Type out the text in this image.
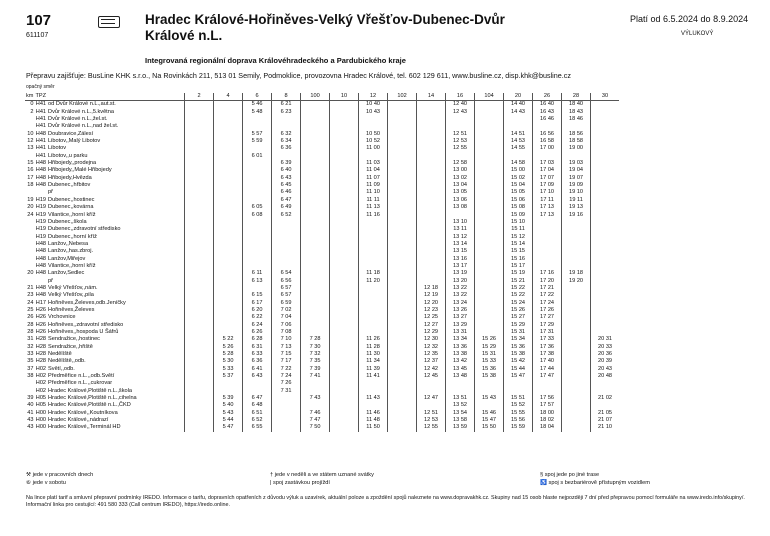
107
611107
Hradec Králové-Hořiněves-Velký Vřešťov-Dubenec-Dvůr Králové n.L.
Platí od 6.5.2024 do 8.9.2024
VÝLUKOVÝ
Integrovaná regionální doprava Královéhradeckého a Pardubického kraje
Přepravu zajišťuje: BusLine KHK s.r.o., Na Rovinkách 211, 513 01 Semily, Podmoklice, provozovna Hradec Králové, tel. 602 129 611, www.busline.cz, disp.khk@busline.cz
opačný směr
km	TPZ		2	4	6	8	100	10	12	102	14	16	104	20	26	28	30
0	H41	od Dvůr Králové n.L.,aut.st.			5 46	6 21			10 40			12 40		14 40	16 40	18 40	
2	H41	Dvůr Králové n.L.,5.května			5 48	6 23			10 43			12 43		14 43	16 43	18 43	
	H41	Dvůr Králové n.L.,žel.st.													16 46	18 46	
	H41	Dvůr Králové n.L.,nad žel.st.															
10	H48	Doubravice,Zálesí			5 57	6 32			10 50			12 51		14 51	16 56	18 56	
12	H41	Libotov,,Malý Libotov			5 59	6 34			10 52			12 53		14 53	16 58	18 58	
13	H41	Libotov				6 36			11 00			12 55		14 55	17 00	19 00	
	H41	Libotov,,u parku			6 01												
15	H48	Hřibojedy,,prodejna				6 39			11 03			12 58		14 58	17 03	19 03	
16	H48	Hřibojedy,,Malé Hřibojedy				6 40			11 04			13 00		15 00	17 04	19 04	
17	H48	Hřibojedy,Hvězda				6 43			11 07			13 02		15 02	17 07	19 07	
18	H48	Dubenec,,hřbitov				6 45			11 09			13 04		15 04	17 09	19 09	
		př				6 46			11 10			13 05		15 05	17 10	19 10	
19	H19	Dubenec,,hostinec				6 47			11 11			13 06		15 06	17 11	19 11	
20	H19	Dubenec,,kovárna			6 05	6 49			11 13			13 08		15 08	17 13	19 13	
24	H19	Vilantice,,horní kříž			6 08	6 52			11 16					15 09	17 13	19 16	
	H19	Dubenec,,škola										13 10		15 10			
	H19	Dubenec,,zdravotní středisko										13 11		15 11			
	H19	Dubenec,,horní kříž										13 12		15 12			
	H48	Lanžov,,Nebesa										13 14		15 14			
	H48	Lanžov,,has.zbroj.										13 15		15 15			
	H48	Lanžov,Miřejov										13 16		15 16			
	H48	Vilantice,,horní kříž										13 17		15 17			
20	H48	Lanžov,Sedlec			6 11	6 54			11 18			13 19		15 19	17 16	19 18	
		př			6 13	6 56			11 20			13 20		15 21	17 20	19 20	
21	H48	Velký Vřešťov,,nám.				6 57					12 18	13 22		15 22	17 21		
23	H48	Velký Vřešťov,,pila			6 15	6 57					12 19	13 22		15 22	17 22		
24	H17	Hořiněves,Želeves,odb.Jeníčky			6 17	6 59					12 20	13 24		15 24	17 24		
25	H26	Hořiněves,Želeves			6 20	7 02					12 23	13 26		15 26	17 26		
26	H26	Vrchovnice			6 22	7 04					12 25	13 27		15 27	17 27		
28	H26	Hořiněves,,zdravotní středisko			6 24	7 06					12 27	13 29		15 29	17 29		
28	H26	Hořiněves,,hospoda U Šáfrů			6 26	7 08					12 29	13 31		15 31	17 31		
31	H28	Sendražice,,hostinec		5 22	6 28	7 10	7 28		11 26		12 30	13 34	15 26	15 34	17 33		20 31
32	H28	Sendražice,,hřiště		5 26	6 31	7 13	7 30		11 28		12 32	13 36	15 29	15 36	17 36		20 33
33	H28	Nedělíště		5 28	6 33	7 15	7 32		11 30		12 35	13 38	15 31	15 38	17 38		20 36
35	H28	Nedělíště,,odb.		5 30	6 36	7 17	7 35		11 34		12 37	13 42	15 33	15 42	17 40		20 39
37	H02	Světí,,odb.		5 33	6 41	7 22	7 39		11 39		12 42	13 45	15 36	15 44	17 44		20 43
38	H02	Předměřice n.L.,,odb.Světí		5 37	6 43	7 24	7 41		11 41		12 45	13 48	15 38	15 47	17 47		20 48
	H02	Předměřice n.L.,,cukrovar				7 26											
	H02	Hradec Králové,Plotiště n.L.,škola				7 31											
39	H05	Hradec Králové,Plotiště n.L.,cihelna		5 39	6 47		7 43		11 43		12 47	13 51	15 43	15 51	17 56		21 02
40	H05	Hradec Králové,Plotiště n.L.,ČKD		5 40	6 48							13 52		15 52	17 57		
41	H00	Hradec Králové,,Koutníkova		5 43	6 51		7 46		11 46		12 51	13 54	15 46	15 55	18 00		21 05
43	H00	Hradec Králové,,nádrazí		5 44	6 52		7 47		11 48		12 53	13 58	15 47	15 56	18 02		21 07
43	H00	Hradec Králové,,Terminál HD		5 47	6 55		7 50		11 50		12 55	13 59	15 50	15 59	18 04		21 10
⚒ jede v pracovních dnech
⑥ jede v sobotu
† jede v neděli a ve státem uznané svátky
| spoj zastávkou projíždí
§ spoj jede po jiné trase
♿ spoj s bezbariérově přístupným vozidlem
Na lince platí tarif a smluvní přepravní podmínky IREDO. Informace o tarifu, dopravních opatřeních z důvodu výluk a uzavírek, aktuální poloze a zpoždění spojů naleznete na www.dopravakhk.cz. Skupiny nad 15 osob hlaste nejpozději 7 dní před přepravou pomocí formuláře na www.iredo.info/skupiny/. Informační linka pro cestující: 491 580 333 (Call centrum IREDO), https://iredo.online.
